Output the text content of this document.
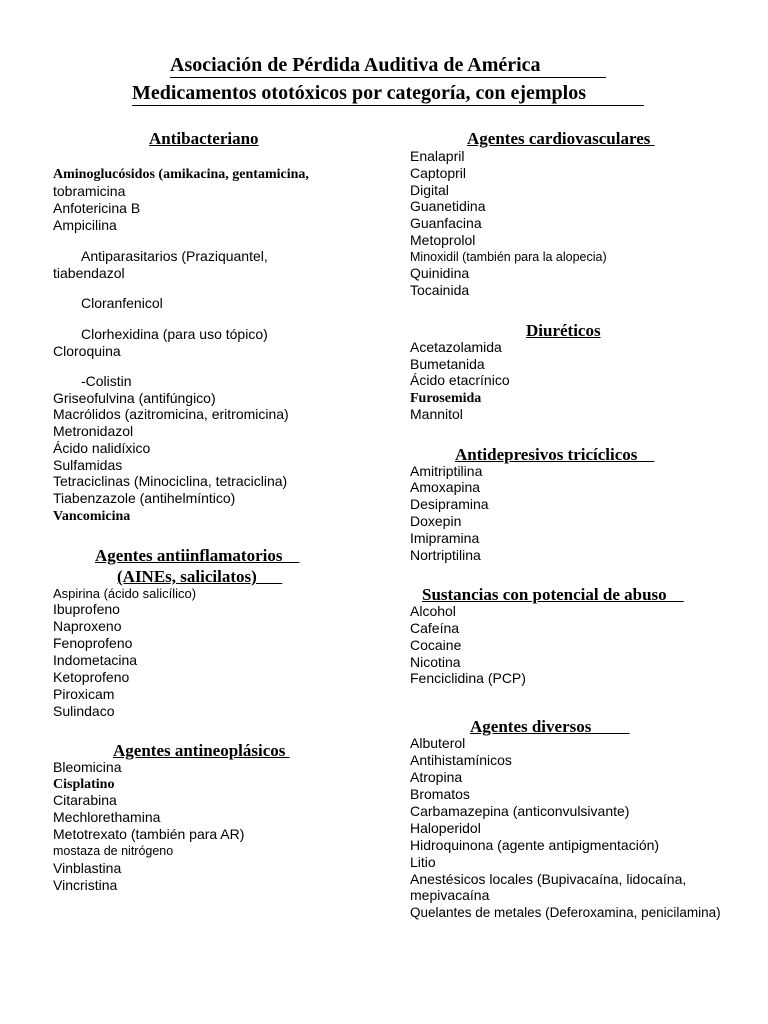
Asociación de Pérdida Auditiva de América
Medicamentos ototóxicos por categoría, con ejemplos
Antibacteriano
Aminoglucósidos (amikacina, gentamicina,
tobramicina
Anfotericina B
Ampicilina
Antiparasitarios (Praziquantel,
tiabendazol
Cloranfenicol
Clorhexidina (para uso tópico)
Cloroquina
-Colistin
Griseofulvina (antifúngico)
Macrólidos (azitromicina, eritromicina)
Metronidazol
Ácido nalidíxico
Sulfamidas
Tetraciclinas (Minociclina, tetraciclina)
Tiabenzazole (antihelmíntico)
Vancomicina
Agentes antiinflamatorios
(AINEs, salicilatos)
Aspirina (ácido salicílico)
Ibuprofeno
Naproxeno
Fenoprofeno
Indometacina
Ketoprofeno
Piroxicam
Sulindaco
Agentes antineoplásicos
Bleomicina
Cisplatino
Citarabina
Mechlorethamina
Metotrexato (también para AR)
mostaza de nitrógeno
Vinblastina
Vincristina
Agentes cardiovasculares
Enalapril
Captopril
Digital
Guanetidina
Guanfacina
Metoprolol
Minoxidil (también para la alopecia)
Quinidina
Tocainida
Diuréticos
Acetazolamida
Bumetanida
Ácido etacrínico
Furosemida
Mannitol
Antidepresivos tricíclicos
Amitriptilina
Amoxapina
Desipramina
Doxepin
Imipramina
Nortriptilina
Sustancias con potencial de abuso
Alcohol
Cafeína
Cocaine
Nicotina
Fenciclidina (PCP)
Agentes diversos
Albuterol
Antihistamínicos
Atropina
Bromatos
Carbamazepina (anticonvulsivante)
Haloperidol
Hidroquinona (agente antipigmentación)
Litio
Anestésicos locales (Bupivacaína, lidocaína,
mepivacaína
Quelantes de metales (Deferoxamina, penicilamina)
